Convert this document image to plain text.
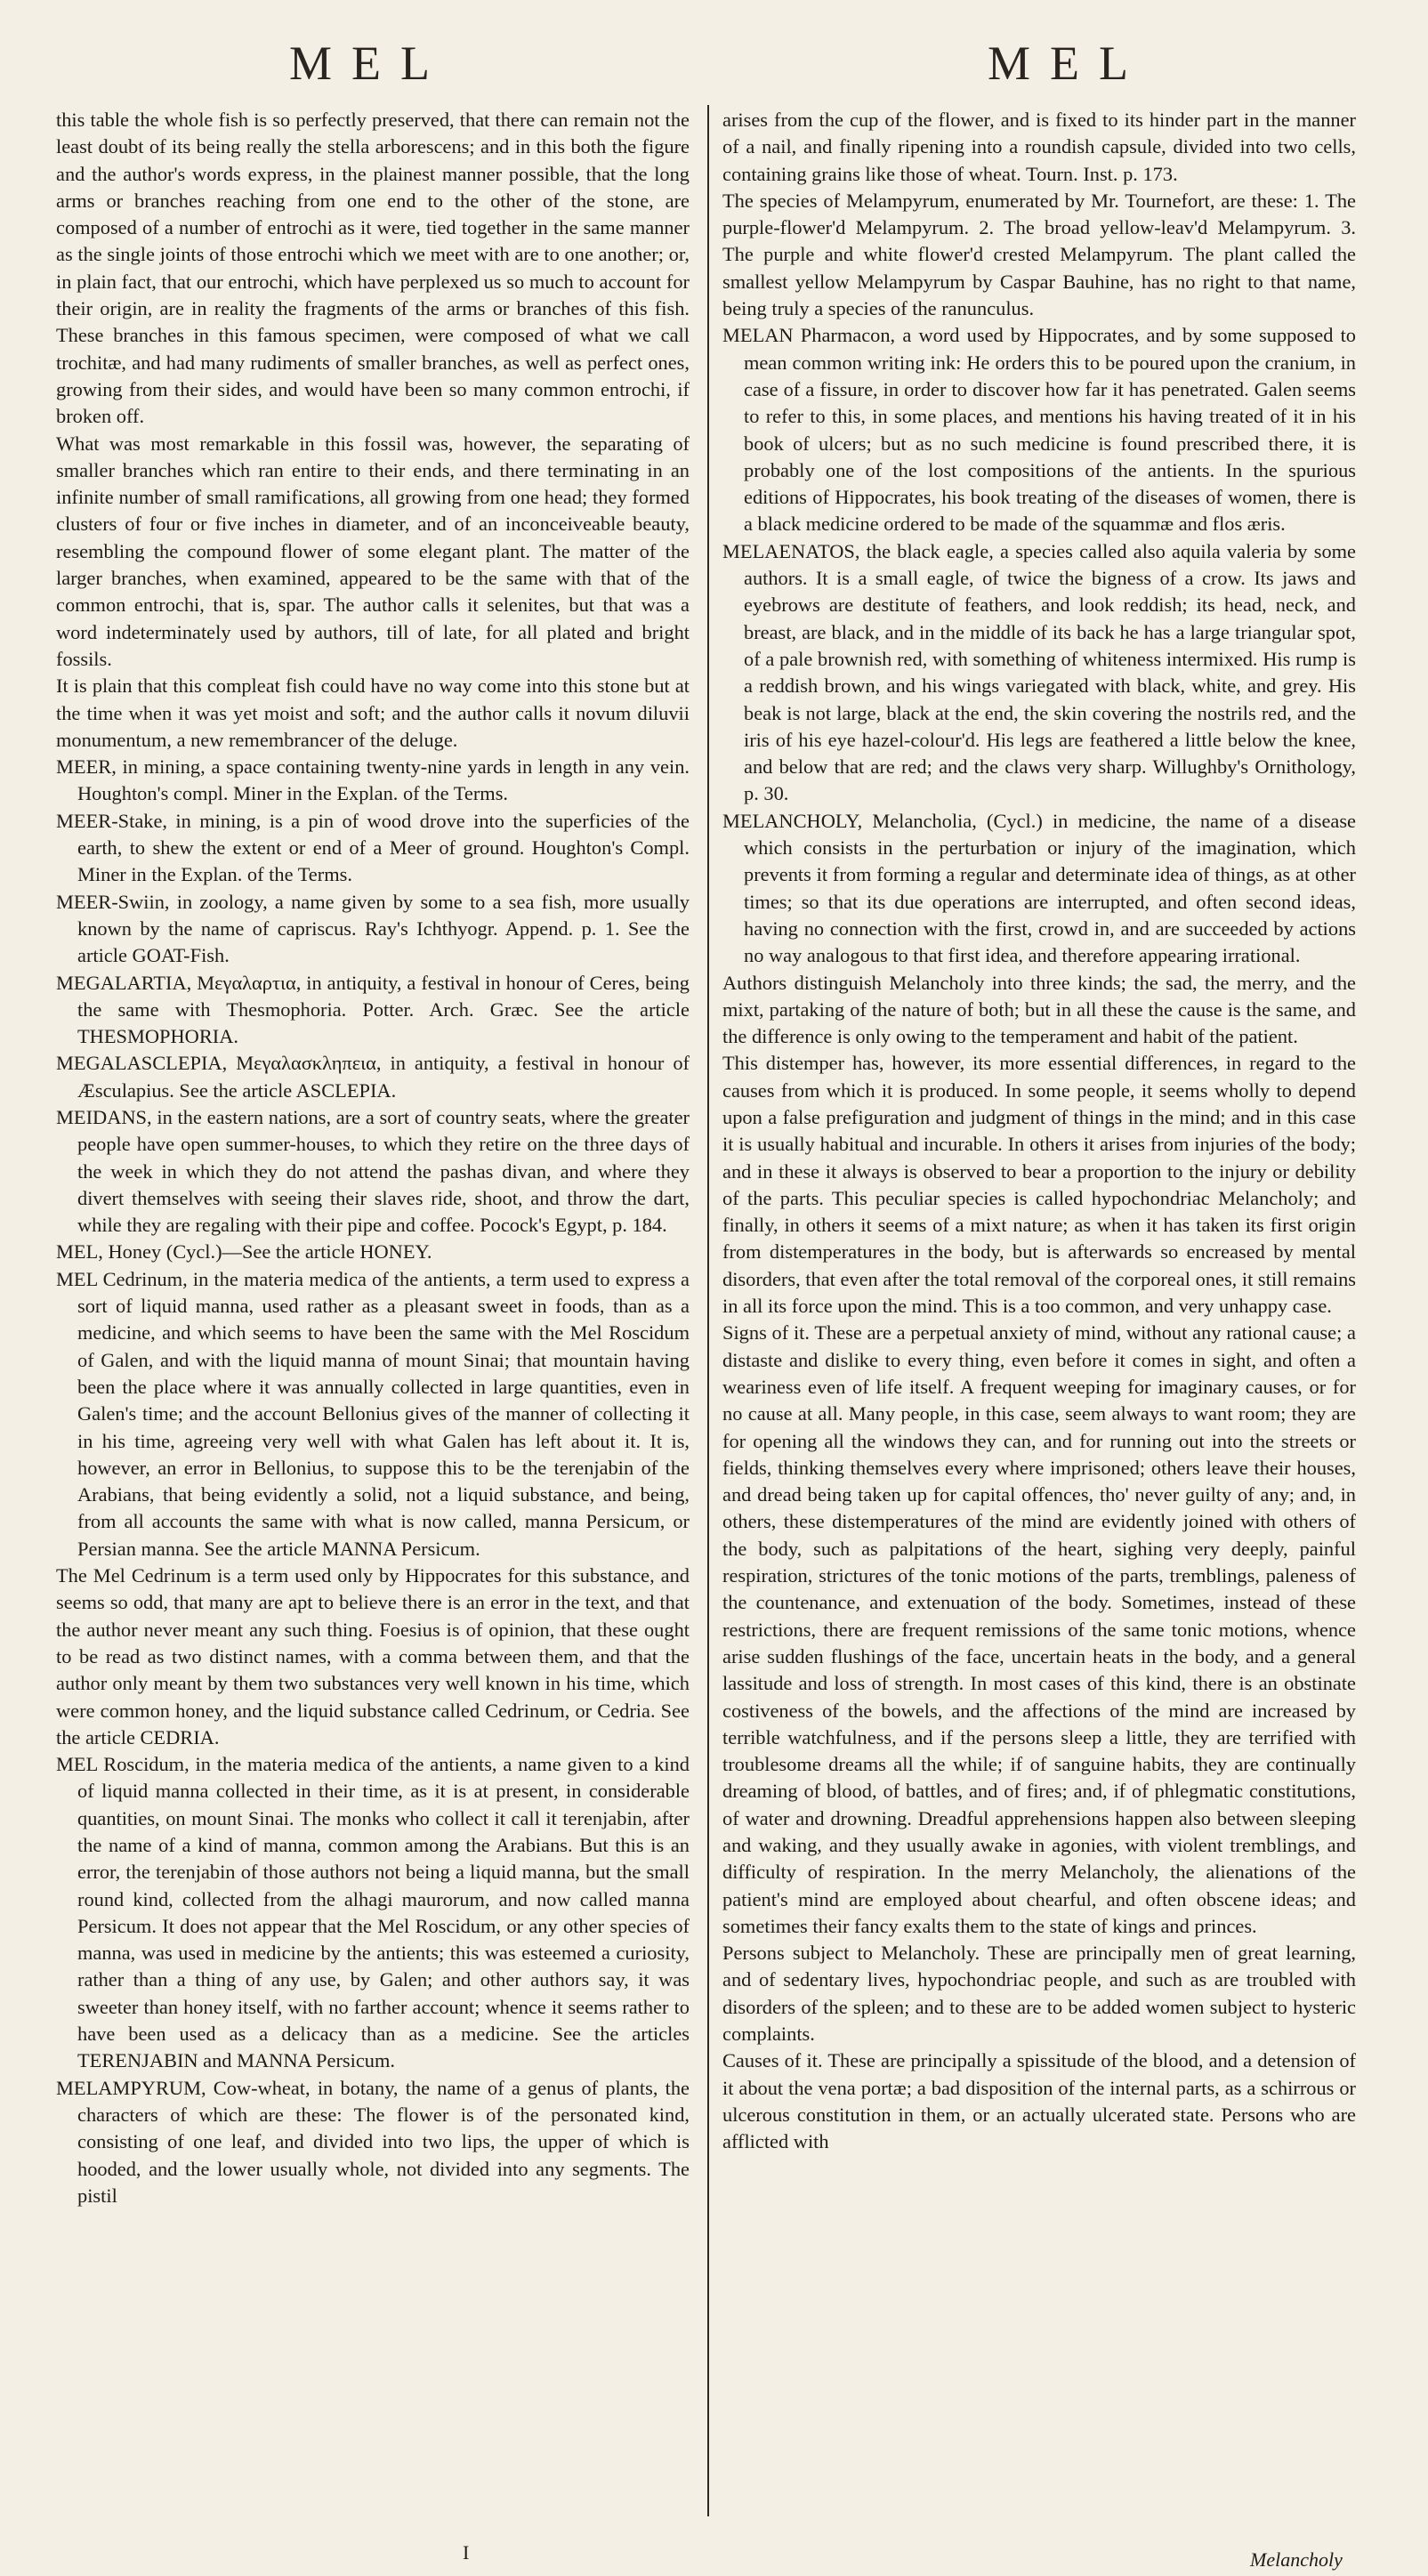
MEL	MEL

this table the whole fish is so perfectly preserved, that there can remain not the least doubt of its being really the stella arborescens; and in this both the figure and the author's words express, in the plainest manner possible, that the long arms or branches reaching from one end to the other of the stone, are composed of a number of entrochi as it were, tied together in the same manner as the single joints of those entrochi which we meet with are to one another; or, in plain fact, that our entrochi, which have perplexed us so much to account for their origin, are in reality the fragments of the arms or branches of this fish. These branches in this famous specimen, were composed of what we call trochitæ, and had many rudiments of smaller branches, as well as perfect ones, growing from their sides, and would have been so many common entrochi, if broken off.

What was most remarkable in this fossil was, however, the separating of smaller branches which ran entire to their ends, and there terminating in an infinite number of small ramifications, all growing from one head; they formed clusters of four or five inches in diameter, and of an inconceiveable beauty, resembling the compound flower of some elegant plant. The matter of the larger branches, when examined, appeared to be the same with that of the common entrochi, that is, spar. The author calls it selenites, but that was a word indeterminately used by authors, till of late, for all plated and bright fossils.

It is plain that this compleat fish could have no way come into this stone but at the time when it was yet moist and soft; and the author calls it novum diluvii monumentum, a new remembrancer of the deluge.

MEER, in mining, a space containing twenty-nine yards in length in any vein. Houghton's compl. Miner in the Explan. of the Terms.

MEER-Stake, in mining, is a pin of wood drove into the superficies of the earth, to shew the extent or end of a Meer of ground. Houghton's Compl. Miner in the Explan. of the Terms.

MEER-Swiin, in zoology, a name given by some to a sea fish, more usually known by the name of capriscus. Ray's Ichthyogr. Append. p. 1. See the article GOAT-Fish.

MEGALARTIA, Μεγαλαρτια, in antiquity, a festival in honour of Ceres, being the same with Thesmophoria. Potter. Arch. Græc. See the article THESMOPHORIA.

MEGALASCLEPIA, Μεγαλασκληπεια, in antiquity, a festival in honour of Æsculapius. See the article ASCLEPIA.

MEIDANS, in the eastern nations, are a sort of country seats, where the greater people have open summer-houses, to which they retire on the three days of the week in which they do not attend the pashas divan, and where they divert themselves with seeing their slaves ride, shoot, and throw the dart, while they are regaling with their pipe and coffee. Pocock's Egypt, p. 184.

MEL, Honey (Cycl.)—See the article HONEY.

MEL Cedrinum, in the materia medica of the antients, a term used to express a sort of liquid manna, used rather as a pleasant sweet in foods, than as a medicine, and which seems to have been the same with the Mel Roscidum of Galen, and with the liquid manna of mount Sinai; that mountain having been the place where it was annually collected in large quantities, even in Galen's time; and the account Bellonius gives of the manner of collecting it in his time, agreeing very well with what Galen has left about it. It is, however, an error in Bellonius, to suppose this to be the terenjabin of the Arabians, that being evidently a solid, not a liquid substance, and being, from all accounts the same with what is now called, manna Persicum, or Persian manna. See the article MANNA Persicum.

The Mel Cedrinum is a term used only by Hippocrates for this substance, and seems so odd, that many are apt to believe there is an error in the text, and that the author never meant any such thing. Foesius is of opinion, that these ought to be read as two distinct names, with a comma between them, and that the author only meant by them two substances very well known in his time, which were common honey, and the liquid substance called Cedrinum, or Cedria. See the article CEDRIA.

MEL Roscidum, in the materia medica of the antients, a name given to a kind of liquid manna collected in their time, as it is at present, in considerable quantities, on mount Sinai. The monks who collect it call it terenjabin, after the name of a kind of manna, common among the Arabians. But this is an error, the terenjabin of those authors not being a liquid manna, but the small round kind, collected from the alhagi maurorum, and now called manna Persicum. It does not appear that the Mel Roscidum, or any other species of manna, was used in medicine by the antients; this was esteemed a curiosity, rather than a thing of any use, by Galen; and other authors say, it was sweeter than honey itself, with no farther account; whence it seems rather to have been used as a delicacy than as a medicine. See the articles TERENJABIN and MANNA Persicum.

MELAMPYRUM, Cow-wheat, in botany, the name of a genus of plants, the characters of which are these: The flower is of the personated kind, consisting of one leaf, and divided into two lips, the upper of which is hooded, and the lower usually whole, not divided into any segments. The pistil

arises from the cup of the flower, and is fixed to its hinder part in the manner of a nail, and finally ripening into a roundish capsule, divided into two cells, containing grains like those of wheat. Tourn. Inst. p. 173.

The species of Melampyrum, enumerated by Mr. Tournefort, are these: 1. The purple-flower'd Melampyrum. 2. The broad yellow-leav'd Melampyrum. 3. The purple and white flower'd crested Melampyrum. The plant called the smallest yellow Melampyrum by Caspar Bauhine, has no right to that name, being truly a species of the ranunculus.

MELAN Pharmacon, a word used by Hippocrates, and by some supposed to mean common writing ink: He orders this to be poured upon the cranium, in case of a fissure, in order to discover how far it has penetrated. Galen seems to refer to this, in some places, and mentions his having treated of it in his book of ulcers; but as no such medicine is found prescribed there, it is probably one of the lost compositions of the antients. In the spurious editions of Hippocrates, his book treating of the diseases of women, there is a black medicine ordered to be made of the squammæ and flos æris.

MELAENATOS, the black eagle, a species called also aquila valeria by some authors. It is a small eagle, of twice the bigness of a crow. Its jaws and eyebrows are destitute of feathers, and look reddish; its head, neck, and breast, are black, and in the middle of its back he has a large triangular spot, of a pale brownish red, with something of whiteness intermixed. His rump is a reddish brown, and his wings variegated with black, white, and grey. His beak is not large, black at the end, the skin covering the nostrils red, and the iris of his eye hazel-colour'd. His legs are feathered a little below the knee, and below that are red; and the claws very sharp. Willughby's Ornithology, p. 30.

MELANCHOLY, Melancholia, (Cycl.) in medicine, the name of a disease which consists in the perturbation or injury of the imagination, which prevents it from forming a regular and determinate idea of things, as at other times; so that its due operations are interrupted, and often second ideas, having no connection with the first, crowd in, and are succeeded by actions no way analogous to that first idea, and therefore appearing irrational.

Authors distinguish Melancholy into three kinds; the sad, the merry, and the mixt, partaking of the nature of both; but in all these the cause is the same, and the difference is only owing to the temperament and habit of the patient.

This distemper has, however, its more essential differences, in regard to the causes from which it is produced. In some people, it seems wholly to depend upon a false prefiguration and judgment of things in the mind; and in this case it is usually habitual and incurable. In others it arises from injuries of the body; and in these it always is observed to bear a proportion to the injury or debility of the parts. This peculiar species is called hypochondriac Melancholy; and finally, in others it seems of a mixt nature; as when it has taken its first origin from distemperatures in the body, but is afterwards so encreased by mental disorders, that even after the total removal of the corporeal ones, it still remains in all its force upon the mind. This is a too common, and very unhappy case.

Signs of it. These are a perpetual anxiety of mind, without any rational cause; a distaste and dislike to every thing, even before it comes in sight, and often a weariness even of life itself. A frequent weeping for imaginary causes, or for no cause at all. Many people, in this case, seem always to want room; they are for opening all the windows they can, and for running out into the streets or fields, thinking themselves every where imprisoned; others leave their houses, and dread being taken up for capital offences, tho' never guilty of any; and, in others, these distemperatures of the mind are evidently joined with others of the body, such as palpitations of the heart, sighing very deeply, painful respiration, strictures of the tonic motions of the parts, tremblings, paleness of the countenance, and extenuation of the body. Sometimes, instead of these restrictions, there are frequent remissions of the same tonic motions, whence arise sudden flushings of the face, uncertain heats in the body, and a general lassitude and loss of strength. In most cases of this kind, there is an obstinate costiveness of the bowels, and the affections of the mind are increased by terrible watchfulness, and if the persons sleep a little, they are terrified with troublesome dreams all the while; if of sanguine habits, they are continually dreaming of blood, of battles, and of fires; and, if of phlegmatic constitutions, of water and drowning. Dreadful apprehensions happen also between sleeping and waking, and they usually awake in agonies, with violent tremblings, and difficulty of respiration. In the merry Melancholy, the alienations of the patient's mind are employed about chearful, and often obscene ideas; and sometimes their fancy exalts them to the state of kings and princes.

Persons subject to Melancholy. These are principally men of great learning, and of sedentary lives, hypochondriac people, and such as are troubled with disorders of the spleen; and to these are to be added women subject to hysteric complaints.

Causes of it. These are principally a spissitude of the blood, and a detension of it about the vena portæ; a bad disposition of the internal parts, as a schirrous or ulcerous constitution in them, or an actually ulcerated state. Persons who are afflicted with

I	Melancholy
